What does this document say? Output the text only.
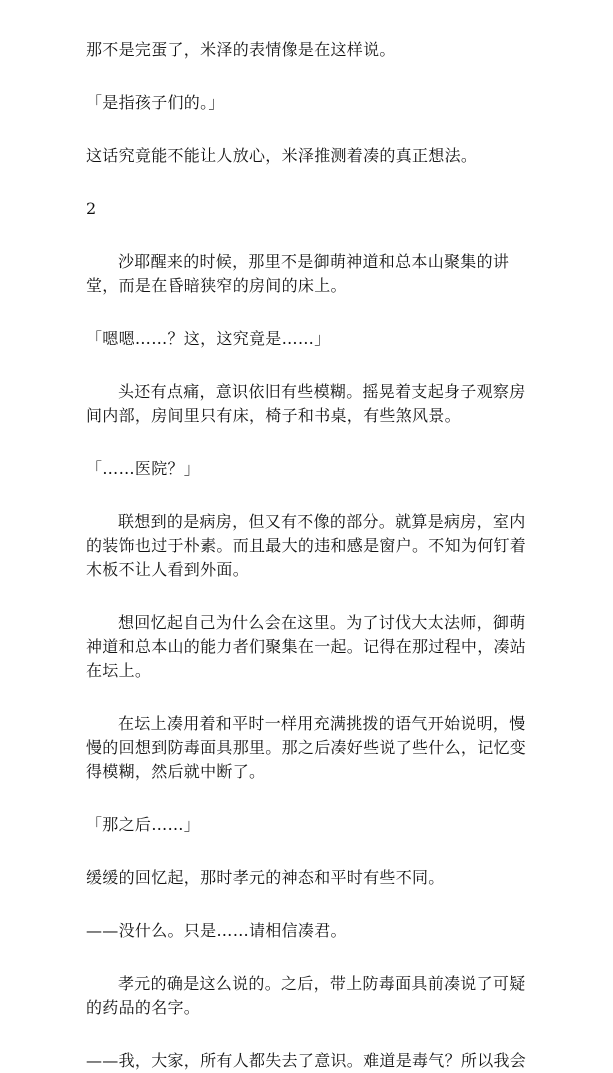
那不是完蛋了，米泽的表情像是在这样说。

「是指孩子们的。」

这话究竟能不能让人放心，米泽推测着凑的真正想法。

2

沙耶醒来的时候，那里不是御萌神道和总本山聚集的讲堂，而是在昏暗狭窄的房间的床上。

「嗯嗯……？这，这究竟是……」

头还有点痛，意识依旧有些模糊。摇晃着支起身子观察房间内部，房间里只有床，椅子和书桌，有些煞风景。

「……医院？」

联想到的是病房，但又有不像的部分。就算是病房，室内的装饰也过于朴素。而且最大的违和感是窗户。不知为何钉着木板不让人看到外面。

想回忆起自己为什么会在这里。为了讨伐大太法师，御萌神道和总本山的能力者们聚集在一起。记得在那过程中，凑站在坛上。

在坛上凑用着和平时一样用充满挑拨的语气开始说明，慢慢的回想到防毒面具那里。那之后凑好些说了些什么，记忆变得模糊，然后就中断了。

「那之后……」

缓缓的回忆起，那时孝元的神态和平时有些不同。

——没什么。只是……请相信凑君。

孝元的确是这么说的。之后，带上防毒面具前凑说了可疑的药品的名字。

——我，大家，所有人都失去了意识。难道是毒气？所以我会
